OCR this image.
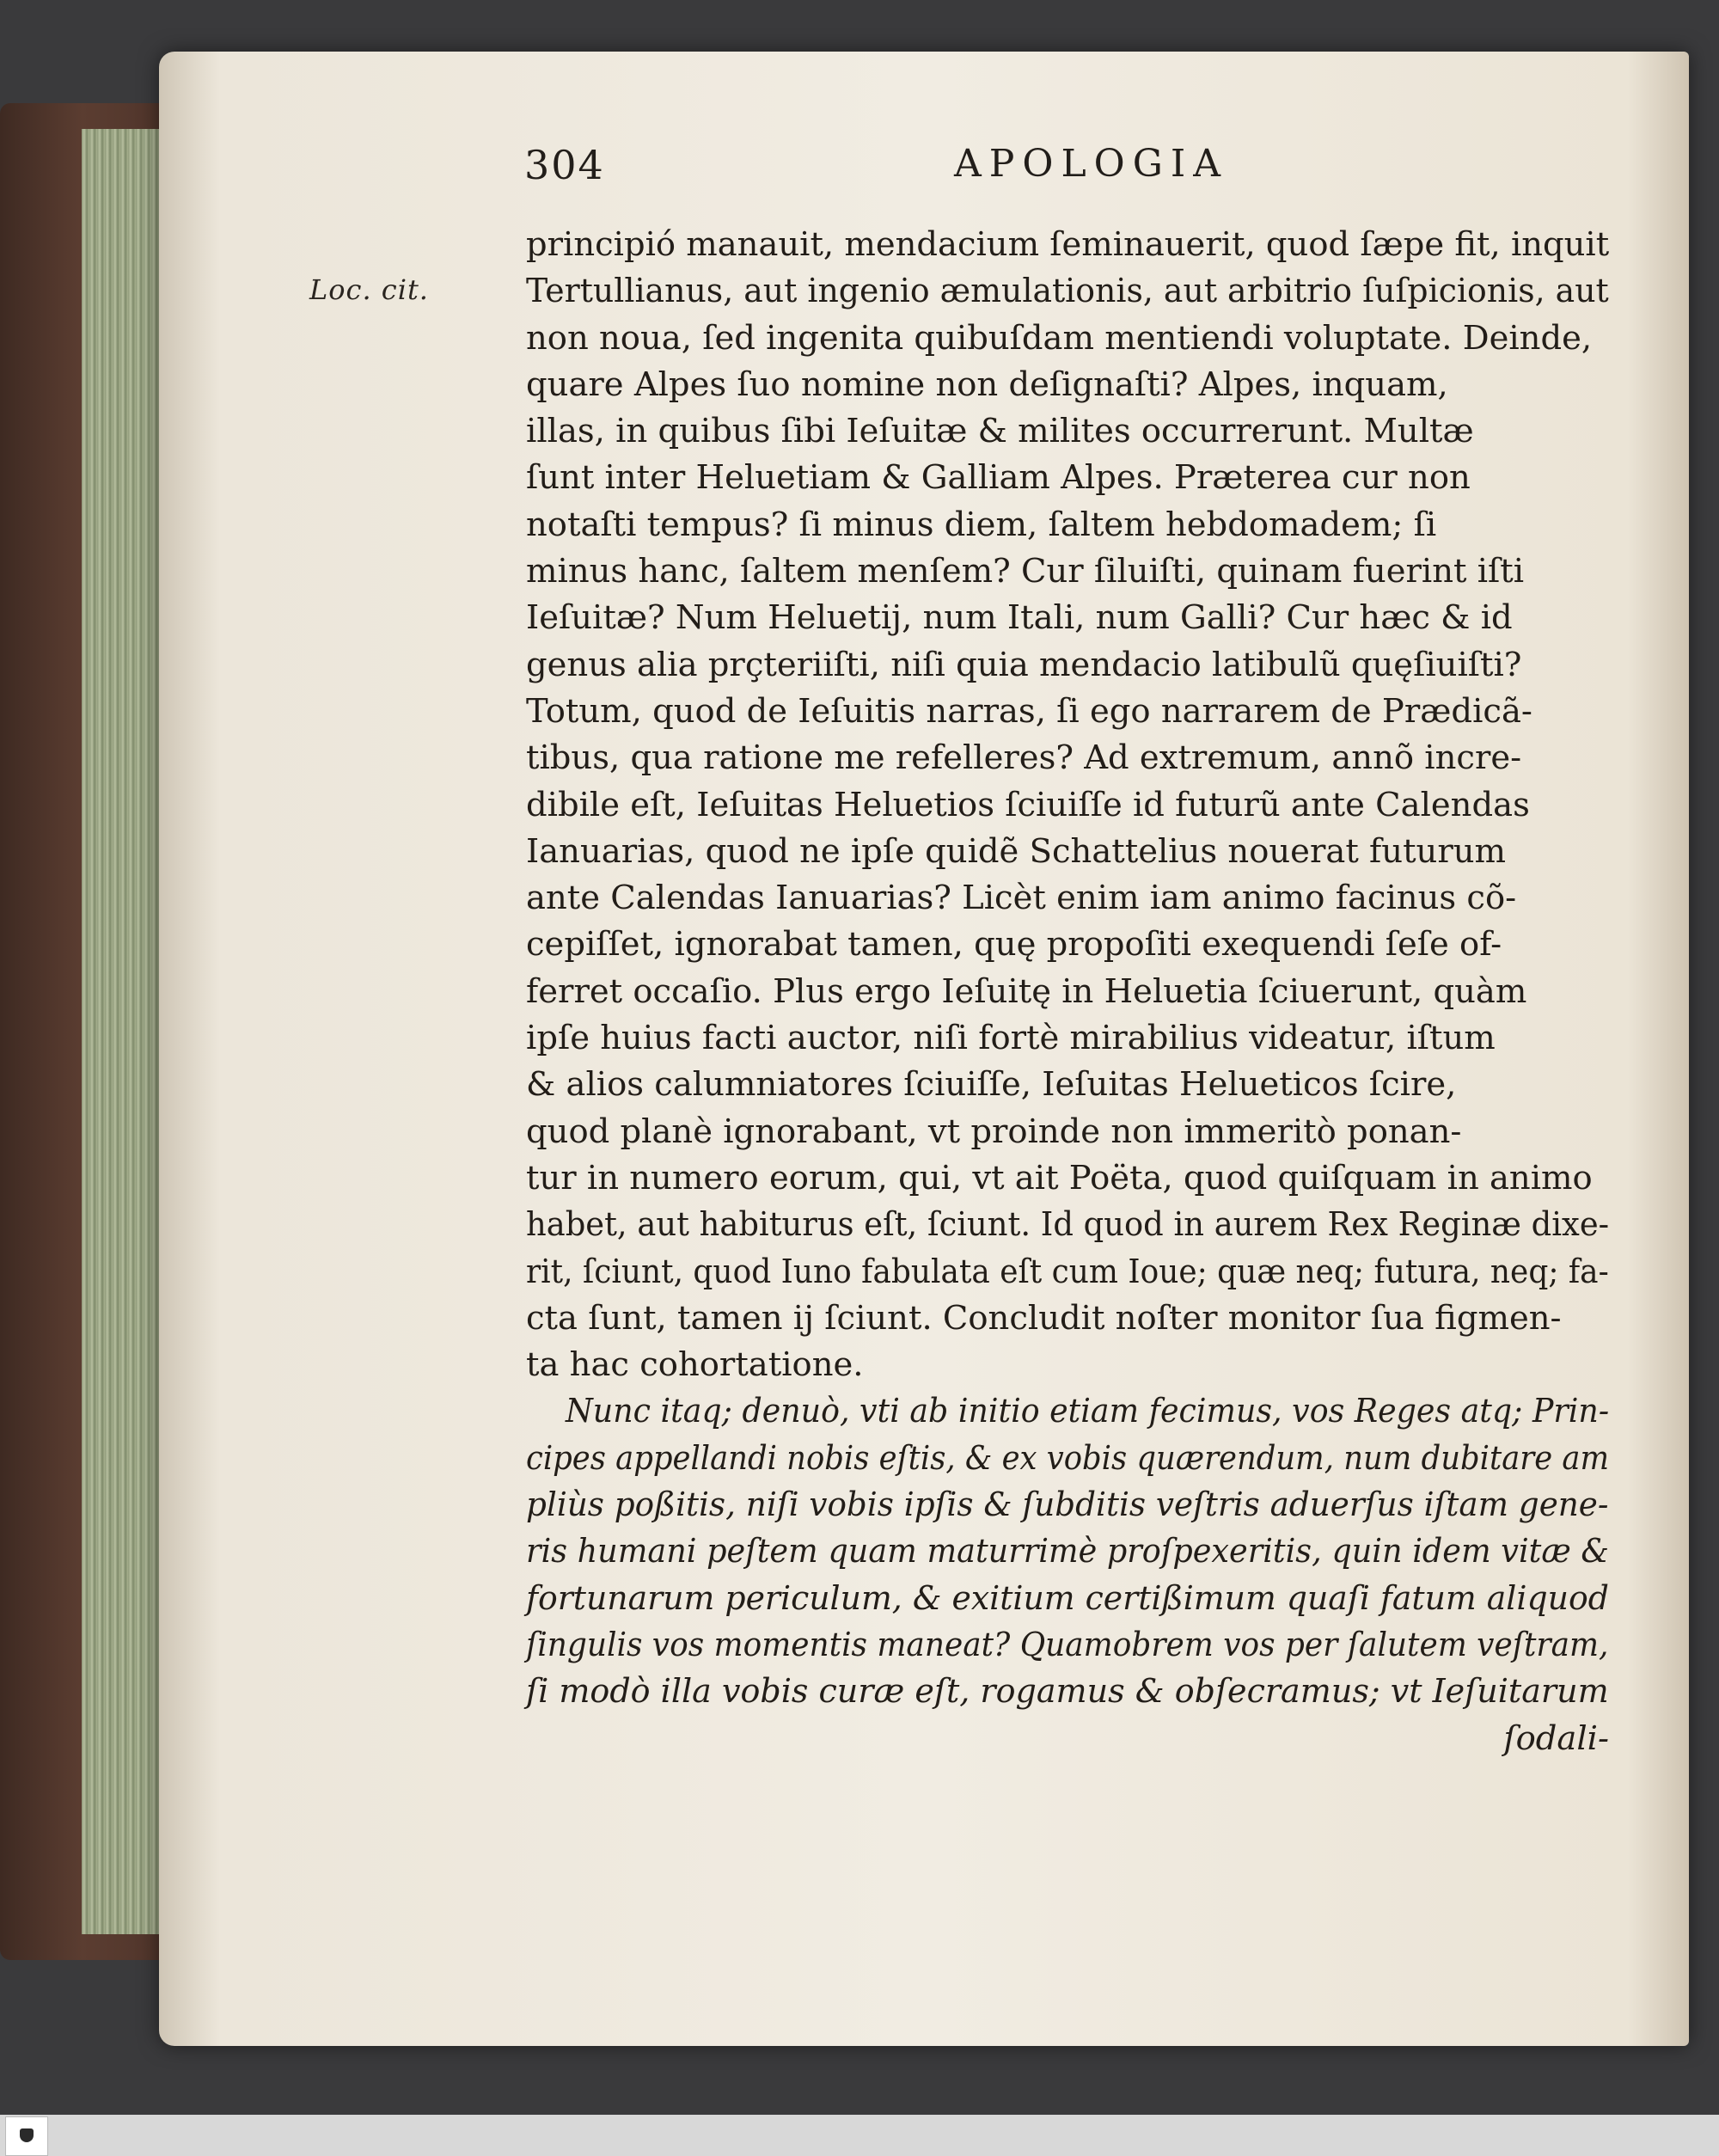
304	APOLOGIA
Loc. cit.
principió manauit, mendacium ſeminauerit, quod ſæpe fit, inquit
Tertullianus, aut ingenio æmulationis, aut arbitrio ſuſpicionis, aut
non noua, ſed ingenita quibuſdam mentiendi voluptate. Deinde,
quare Alpes ſuo nomine non deſignaſti? Alpes, inquam,
illas, in quibus ſibi Ieſuitæ & milites occurrerunt. Multæ
ſunt inter Heluetiam & Galliam Alpes. Præterea cur non
notaſti tempus? ſi minus diem, ſaltem hebdomadem; ſi
minus hanc, ſaltem menſem? Cur ſiluiſti, quinam fuerint iſti
Ieſuitæ? Num Heluetij, num Itali, num Galli? Cur hæc & id
genus alia prçteriiſti, niſi quia mendacio latibulũ quęſiuiſti?
Totum, quod de Ieſuitis narras, ſi ego narrarem de Prædicã-
tibus, qua ratione me refelleres? Ad extremum, annõ incre-
dibile eſt, Ieſuitas Heluetios ſciuiſſe id futurũ ante Calendas
Ianuarias, quod ne ipſe quidẽ Schattelius nouerat futurum
ante Calendas Ianuarias? Licèt enim iam animo facinus cõ-
cepiſſet, ignorabat tamen, quę propoſiti exequendi ſeſe of-
ferret occaſio. Plus ergo Ieſuitę in Heluetia ſciuerunt, quàm
ipſe huius facti auctor, niſi fortè mirabilius videatur, iſtum
& alios calumniatores ſciuiſſe, Ieſuitas Helueticos ſcire,
quod planè ignorabant, vt proinde non immeritò ponan-
tur in numero eorum, qui, vt ait Poëta, quod quiſquam in animo
habet, aut habiturus eſt, ſciunt. Id quod in aurem Rex Reginæ dixe-
rit, ſciunt, quod Iuno fabulata eſt cum Ioue; quæ neq; futura, neq; fa-
cta ſunt, tamen ij ſciunt. Concludit noſter monitor ſua figmen-
ta hac cohortatione.
Nunc itaq; denuò, vti ab initio etiam fecimus, vos Reges atq; Prin-
cipes appellandi nobis eſtis, & ex vobis quærendum, num dubitare am
pliùs poßitis, niſi vobis ipſis & ſubditis veſtris aduerſus iſtam gene-
ris humani peſtem quam maturrimè proſpexeritis, quin idem vitæ &
fortunarum periculum, & exitium certißimum quaſi fatum aliquod
ſingulis vos momentis maneat? Quamobrem vos per ſalutem veſtram,
ſi modò illa vobis curæ eſt, rogamus & obſecramus; vt Ieſuitarum
ſodali-
